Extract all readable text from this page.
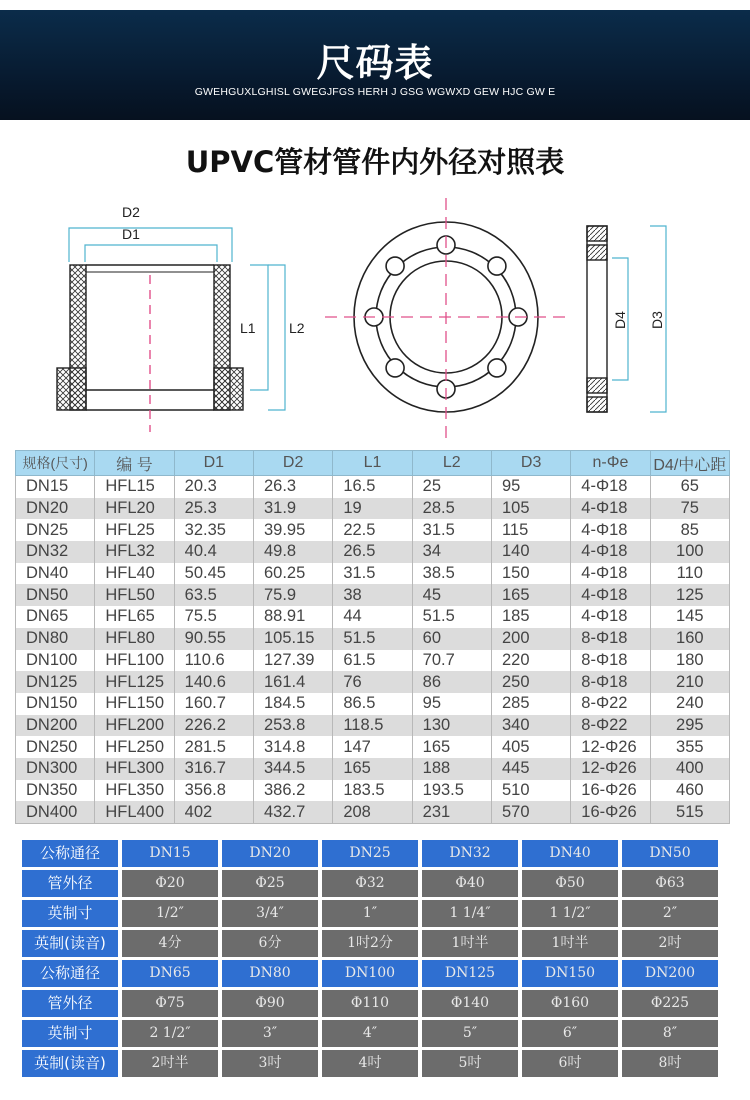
尺码表
GWEHGUXLGHISL GWEGJFGS HERH J GSG WGWXD GEW HJC GW E
UPVC管材管件内外径对照表
D2
D1
L1 L2	D4 D3
规格(尺寸)	编 号	D1	D2	L1	L2	D3	n-Φe	D4/中心距
DN15	HFL15	20.3	26.3	16.5	25	95	4-Φ18	65
DN20	HFL20	25.3	31.9	19	28.5	105	4-Φ18	75
DN25	HFL25	32.35	39.95	22.5	31.5	115	4-Φ18	85
DN32	HFL32	40.4	49.8	26.5	34	140	4-Φ18	100
DN40	HFL40	50.45	60.25	31.5	38.5	150	4-Φ18	110
DN50	HFL50	63.5	75.9	38	45	165	4-Φ18	125
DN65	HFL65	75.5	88.91	44	51.5	185	4-Φ18	145
DN80	HFL80	90.55	105.15	51.5	60	200	8-Φ18	160
DN100	HFL100	110.6	127.39	61.5	70.7	220	8-Φ18	180
DN125	HFL125	140.6	161.4	76	86	250	8-Φ18	210
DN150	HFL150	160.7	184.5	86.5	95	285	8-Φ22	240
DN200	HFL200	226.2	253.8	118.5	130	340	8-Φ22	295
DN250	HFL250	281.5	314.8	147	165	405	12-Φ26	355
DN300	HFL300	316.7	344.5	165	188	445	12-Φ26	400
DN350	HFL350	356.8	386.2	183.5	193.5	510	16-Φ26	460
DN400	HFL400	402	432.7	208	231	570	16-Φ26	515
公称通径	DN15	DN20	DN25	DN32	DN40	DN50
管外径	Φ20	Φ25	Φ32	Φ40	Φ50	Φ63
英制寸	1/2″	3/4″	1″	1 1/4″	1 1/2″	2″
英制(读音)	4分	6分	1吋2分	1吋半	1吋半	2吋
公称通径	DN65	DN80	DN100	DN125	DN150	DN200
管外径	Φ75	Φ90	Φ110	Φ140	Φ160	Φ225
英制寸	2 1/2″	3″	4″	5″	6″	8″
英制(读音)	2吋半	3吋	4吋	5吋	6吋	8吋
